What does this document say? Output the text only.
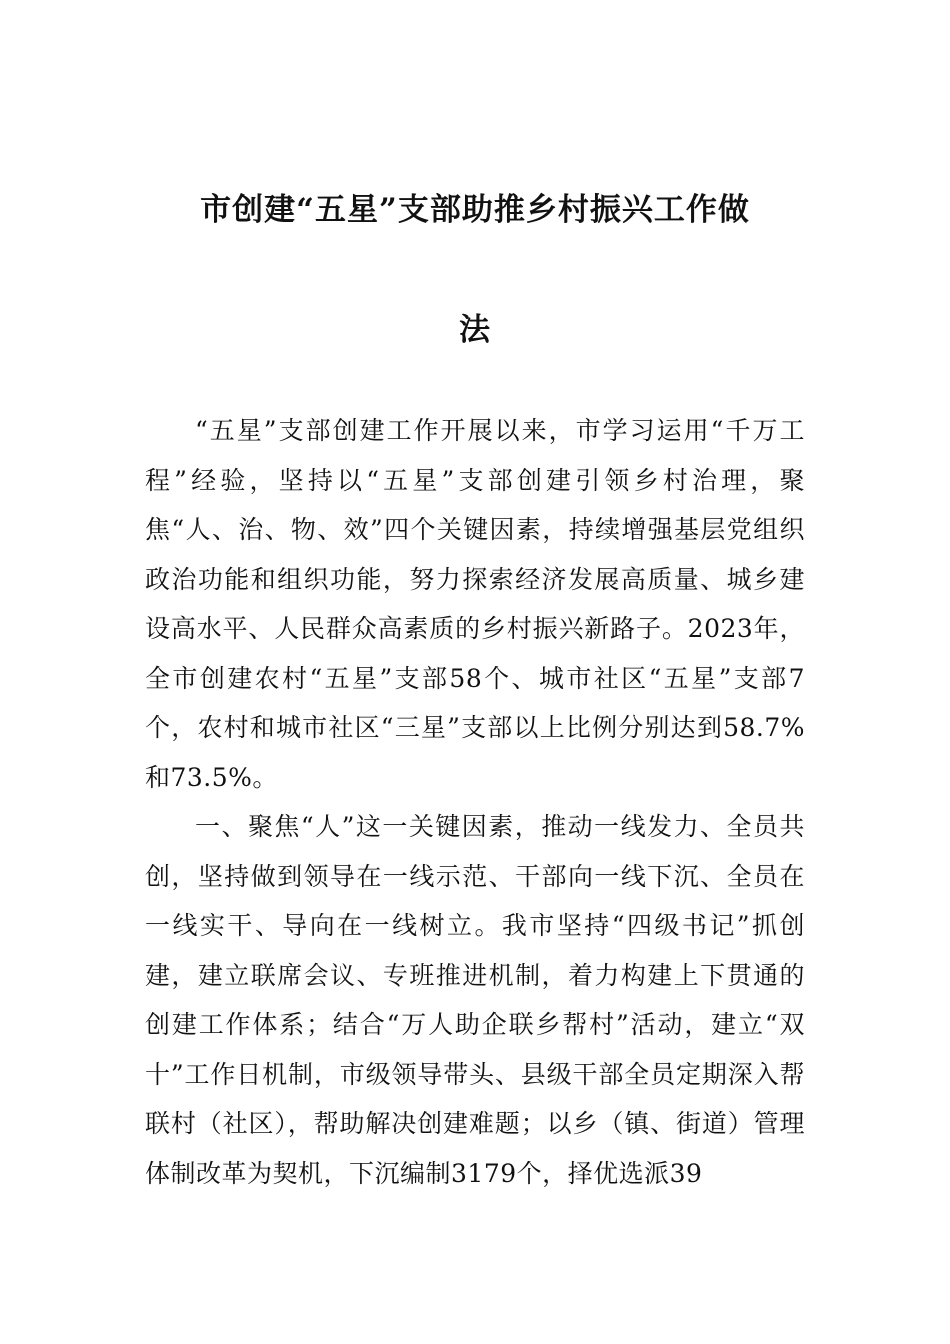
市创建“五星”支部助推乡村振兴工作做
法

“五星”支部创建工作开展以来，市学习运用“千万工程”经验，坚持以“五星”支部创建引领乡村治理，聚焦“人、治、物、效”四个关键因素，持续增强基层党组织政治功能和组织功能，努力探索经济发展高质量、城乡建设高水平、人民群众高素质的乡村振兴新路子。2023年，全市创建农村“五星”支部58个、城市社区“五星”支部7个，农村和城市社区“三星”支部以上比例分别达到58.7%和73.5%。

一、聚焦“人”这一关键因素，推动一线发力、全员共创，坚持做到领导在一线示范、干部向一线下沉、全员在一线实干、导向在一线树立。我市坚持“四级书记”抓创建，建立联席会议、专班推进机制，着力构建上下贯通的创建工作体系；结合“万人助企联乡帮村”活动，建立“双十”工作日机制，市级领导带头、县级干部全员定期深入帮联村（社区），帮助解决创建难题；以乡（镇、街道）管理体制改革为契机，下沉编制3179个，择优选派39
